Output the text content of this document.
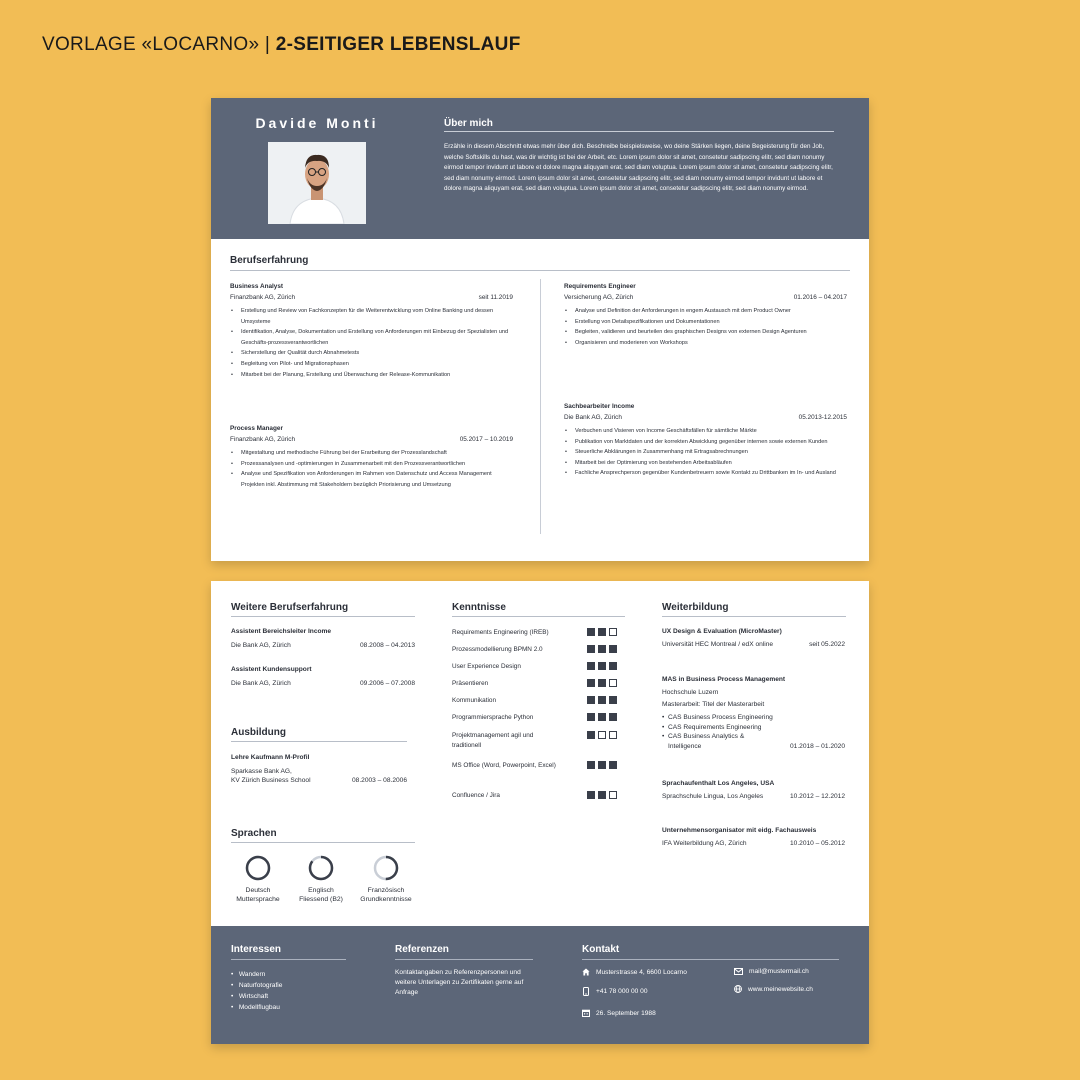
VORLAGE «LOCARNO» | 2-SEITIGER LEBENSLAUF
Davide Monti	Über mich
Erzähle in diesem Abschnitt etwas mehr über dich. Beschreibe beispielsweise, wo deine Stärken liegen, deine Begeisterung für den Job, welche Softskills du hast, was dir wichtig ist bei der Arbeit, etc. Lorem ipsum dolor sit amet, consetetur sadipscing elitr, sed diam nonumy eirmod tempor invidunt ut labore et dolore magna aliquyam erat, sed diam voluptua. Lorem ipsum dolor sit amet, consetetur sadipscing elitr, sed diam nonumy eirmod. Lorem ipsum dolor sit amet, consetetur sadipscing elitr, sed diam nonumy eirmod tempor invidunt ut labore et dolore magna aliquyam erat, sed diam voluptua. Lorem ipsum dolor sit amet, consetetur sadipscing elitr, sed diam nonumy eirmod.
Berufserfahrung
Business Analyst
Finanzbank AG, Zürich	seit 11.2019
• Erstellung und Review von Fachkonzepten für die Weiterentwicklung vom Online Banking und dessen Umsysteme
• Identifikation, Analyse, Dokumentation und Erstellung von Anforderungen mit Einbezug der Spezialisten und Geschäfts-prozessverantwortlichen
• Sicherstellung der Qualität durch Abnahmetests
• Begleitung von Pilot- und Migrationsphasen
• Mitarbeit bei der Planung, Erstellung und Überwachung der Release-Kommunikation
Process Manager
Finanzbank AG, Zürich	05.2017 – 10.2019
• Mitgestaltung und methodische Führung bei der Erarbeitung der Prozesslandschaft
• Prozessanalysen und -optimierungen in Zusammenarbeit mit den Prozessverantwortlichen
• Analyse und Spezifikation von Anforderungen im Rahmen von Datenschutz und Access Management Projekten inkl. Abstimmung mit Stakeholdern bezüglich Priorisierung und Umsetzung
Requirements Engineer
Versicherung AG, Zürich	01.2016 – 04.2017
• Analyse und Definition der Anforderungen in engem Austausch mit dem Product Owner
• Erstellung von Detailspezifikationen und Dokumentationen
• Begleiten, validieren und beurteilen des graphischen Designs von externen Design Agenturen
• Organisieren und moderieren von Workshops
Sachbearbeiter Income
Die Bank AG, Zürich	05.2013-12.2015
• Verbuchen und Visieren von Income Geschäftsfällen für sämtliche Märkte
• Publikation von Marktdaten und der korrekten Abwicklung gegenüber internen sowie externen Kunden
• Steuerliche Abklärungen in Zusammenhang mit Ertragsabrechnungen
• Mitarbeit bei der Optimierung von bestehenden Arbeitsabläufen
• Fachliche Ansprechperson gegenüber Kundenbetreuern sowie Kontakt zu Drittbanken im In- und Ausland
Weitere Berufserfahrung
Assistent Bereichsleiter Income
Die Bank AG, Zürich	08.2008 – 04.2013
Assistent Kundensupport
Die Bank AG, Zürich	09.2006 – 07.2008
Ausbildung
Lehre Kaufmann M-Profil
Sparkasse Bank AG,
KV Zürich Business School	08.2003 – 08.2006
Sprachen
Deutsch
Muttersprache
Englisch
Fliessend (B2)
Französisch
Grundkenntnisse
Kenntnisse
Requirements Engineering (IREB)
Prozessmodellierung BPMN 2.0
User Experience Design
Präsentieren
Kommunikation
Programmiersprache Python
Projektmanagement agil und traditionell
MS Office (Word, Powerpoint, Excel)
Confluence / Jira
Weiterbildung
UX Design & Evaluation (MicroMaster)
Universität HEC Montreal / edX online	seit 05.2022
MAS in Business Process Management
Hochschule Luzern
Masterarbeit: Titel der Masterarbeit
•  CAS Business Process Engineering
•  CAS Requirements Engineering
•  CAS Business Analytics & Intelligence	01.2018 – 01.2020
Sprachaufenthalt Los Angeles, USA
Sprachschule Lingua, Los Angeles	10.2012 – 12.2012
Unternehmensorganisator mit eidg. Fachausweis
IFA Weiterbildung AG, Zürich	10.2010 – 05.2012
Interessen
•   Wandern
•   Naturfotografie
•   Wirtschaft
•   Modellflugbau
Referenzen
Kontaktangaben zu Referenzpersonen und weitere Unterlagen zu Zertifikaten gerne auf Anfrage
Kontakt
Musterstrasse 4, 6600 Locarno
+41 78 000 00 00
26. September 1988
mail@mustermail.ch
www.meinewebsite.ch
